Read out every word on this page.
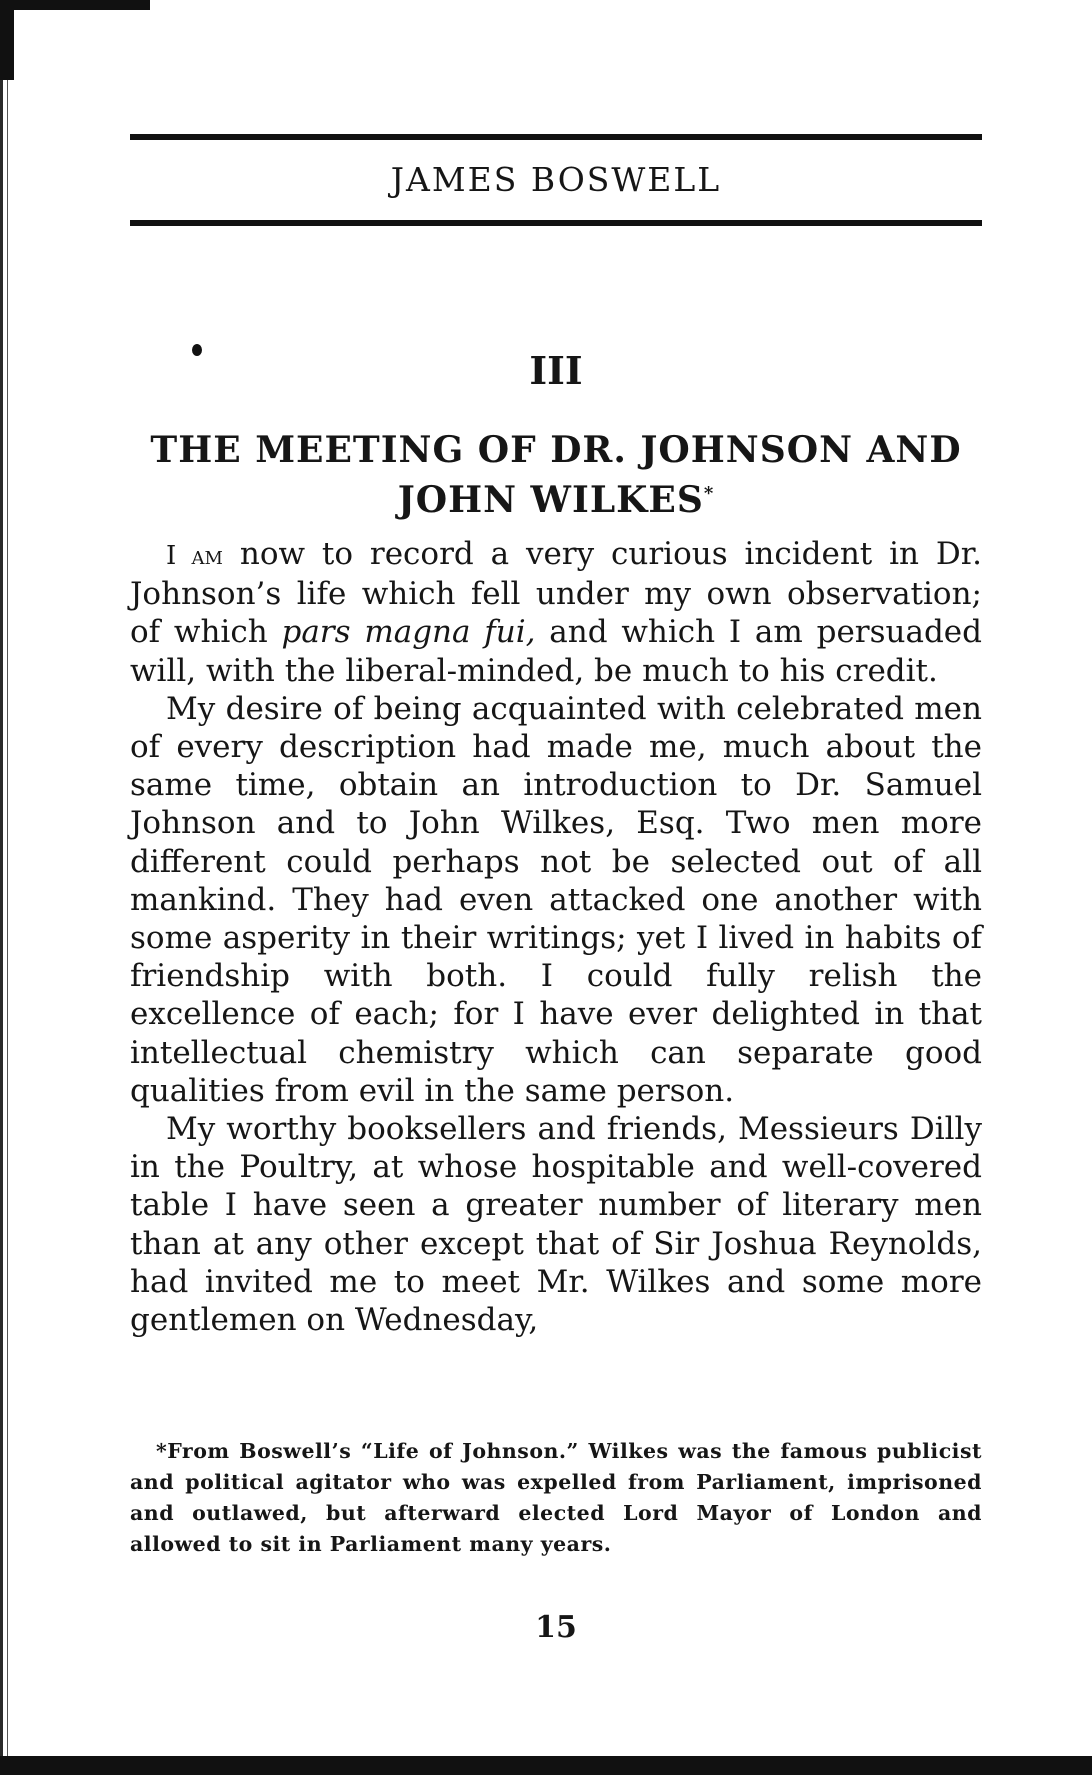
JAMES BOSWELL
III
THE MEETING OF DR. JOHNSON AND JOHN WILKES*

I am now to record a very curious incident in Dr. Johnson’s life which fell under my own observation; of which pars magna fui, and which I am persuaded will, with the liberal-minded, be much to his credit.

My desire of being acquainted with celebrated men of every description had made me, much about the same time, obtain an introduction to Dr. Samuel Johnson and to John Wilkes, Esq. Two men more different could perhaps not be selected out of all mankind. They had even attacked one another with some asperity in their writings; yet I lived in habits of friendship with both. I could fully relish the excellence of each; for I have ever delighted in that intellectual chemistry which can separate good qualities from evil in the same person.

My worthy booksellers and friends, Messieurs Dilly in the Poultry, at whose hospitable and well-covered table I have seen a greater number of literary men than at any other except that of Sir Joshua Reynolds, had invited me to meet Mr. Wilkes and some more gentlemen on Wednesday,

*From Boswell’s “Life of Johnson.” Wilkes was the famous publicist and political agitator who was expelled from Parliament, imprisoned and outlawed, but afterward elected Lord Mayor of London and allowed to sit in Parliament many years.
15
